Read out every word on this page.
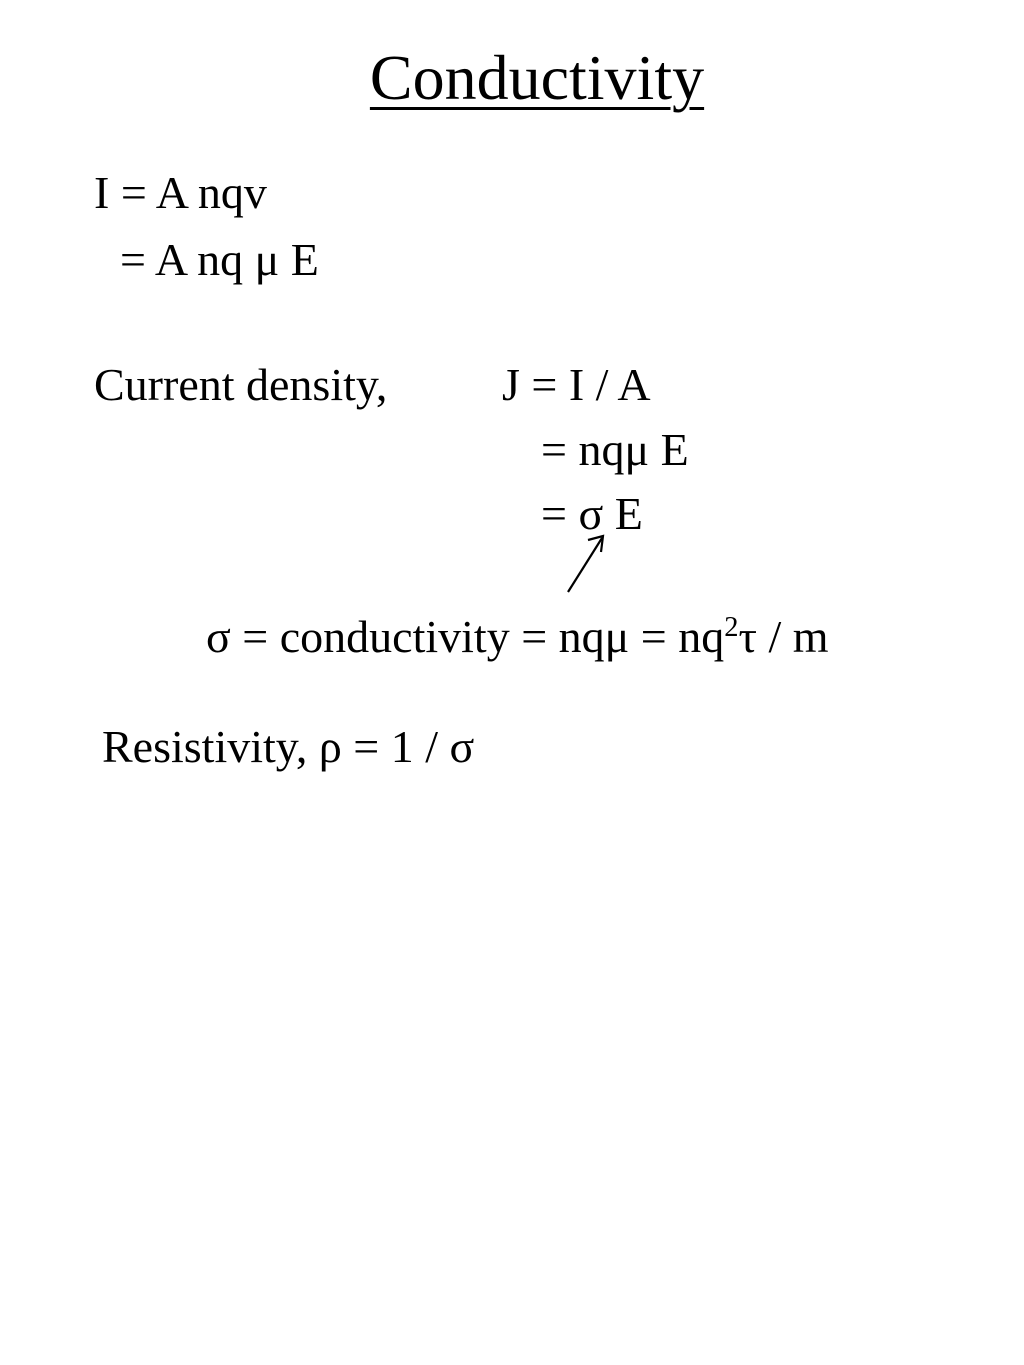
Conductivity
I = A nqv
= A nq μ E
Current density, J = I / A
= nqμ E
= σ E
σ = conductivity = $nq\mu = nq^2\tau / m$
Resistivity, ρ = 1 / σ
